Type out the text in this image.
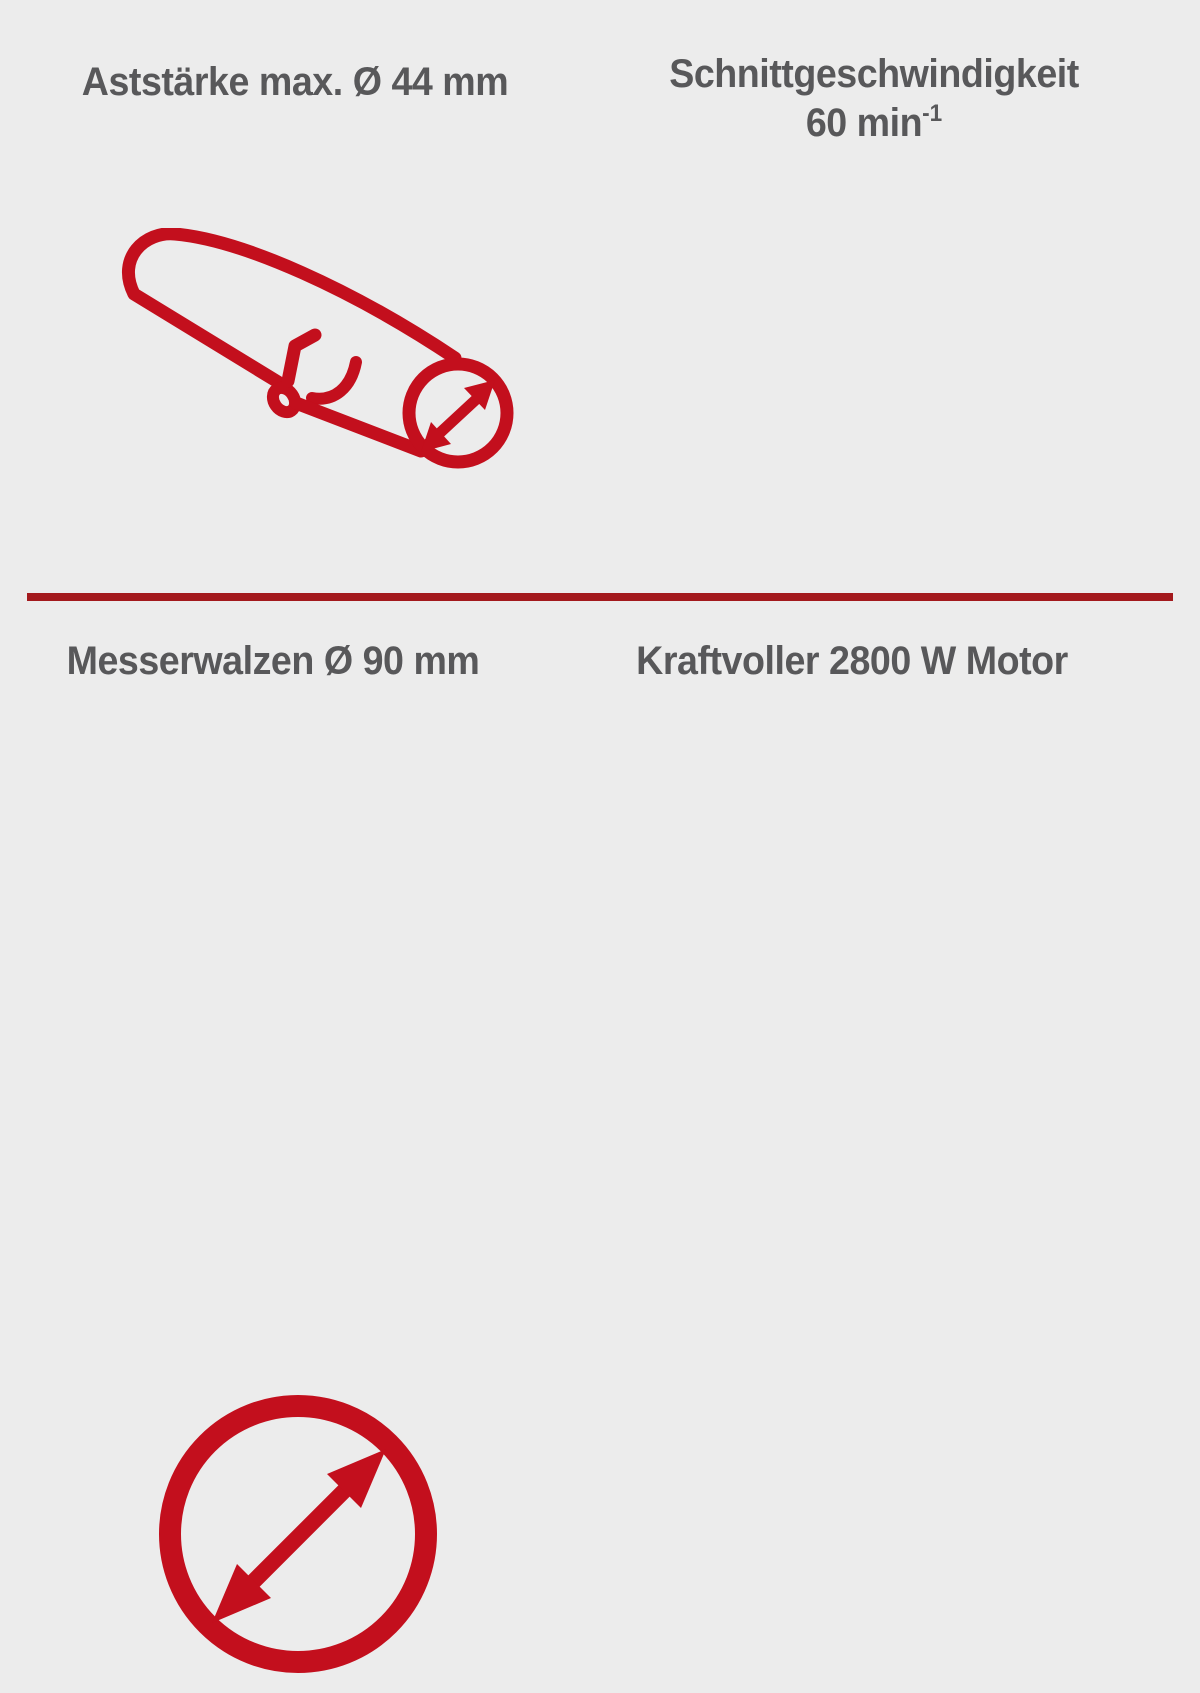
Aststärke max. Ø 44 mm	Schnittgeschwindigkeit
60 $\min^{-1}$
Messerwalzen Ø 90 mm	Kraftvoller 2800 W Motor
